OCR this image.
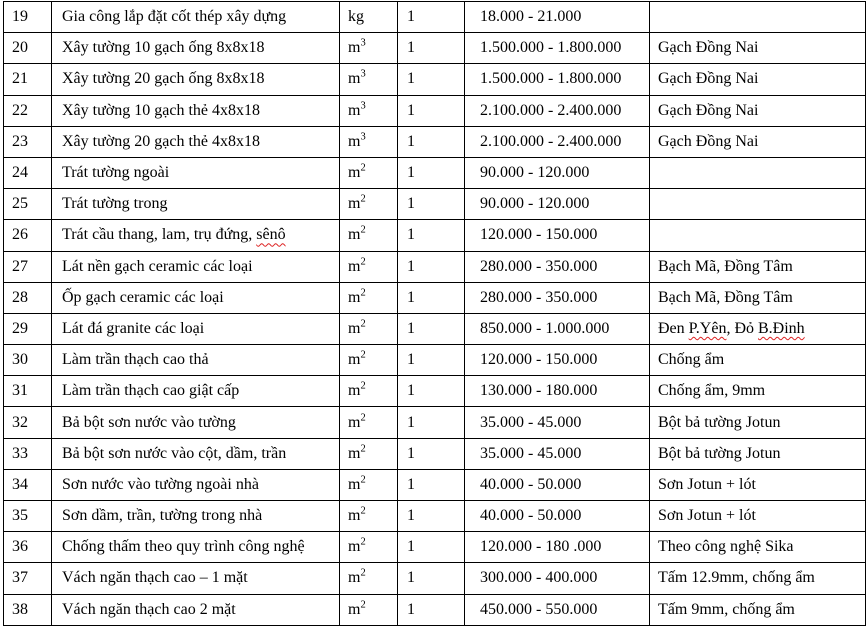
19	Gia công lắp đặt cốt thép xây dựng	kg	1	18.000 - 21.000	
20	Xây tường 10 gạch ống 8x8x18	$m^3$	1	1.500.000 - 1.800.000	Gạch Đồng Nai
21	Xây tường 20 gạch ống 8x8x18	$m^3$	1	1.500.000 - 1.800.000	Gạch Đồng Nai
22	Xây tường 10 gạch thẻ 4x8x18	$m^3$	1	2.100.000 - 2.400.000	Gạch Đồng Nai
23	Xây tường 20 gạch thẻ 4x8x18	$m^3$	1	2.100.000 - 2.400.000	Gạch Đồng Nai
24	Trát tường ngoài	$m^2$	1	90.000 - 120.000	
25	Trát tường trong	$m^2$	1	90.000 - 120.000	
26	Trát cầu thang, lam, trụ đứng, sênô	$m^2$	1	120.000 - 150.000	
27	Lát nền gạch ceramic các loại	$m^2$	1	280.000 - 350.000	Bạch Mã, Đồng Tâm
28	Ốp gạch ceramic các loại	$m^2$	1	280.000 - 350.000	Bạch Mã, Đồng Tâm
29	Lát đá granite các loại	$m^2$	1	850.000 - 1.000.000	Đen P.Yên, Đỏ B.Đinh
30	Làm trần thạch cao thả	$m^2$	1	120.000 - 150.000	Chống ẩm
31	Làm trần thạch cao giật cấp	$m^2$	1	130.000 - 180.000	Chống ẩm, 9mm
32	Bả bột sơn nước vào tường	$m^2$	1	35.000 - 45.000	Bột bả tường Jotun
33	Bả bột sơn nước vào cột, dầm, trần	$m^2$	1	35.000 - 45.000	Bột bả tường Jotun
34	Sơn nước vào tường ngoài nhà	$m^2$	1	40.000 - 50.000	Sơn Jotun + lót
35	Sơn dầm, trần, tường trong nhà	$m^2$	1	40.000 - 50.000	Sơn Jotun + lót
36	Chống thấm theo quy trình công nghệ	$m^2$	1	120.000 - 180 .000	Theo công nghệ Sika
37	Vách ngăn thạch cao – 1 mặt	$m^2$	1	300.000 - 400.000	Tấm 12.9mm, chống ẩm
38	Vách ngăn thạch cao 2 mặt	$m^2$	1	450.000 - 550.000	Tấm 9mm, chống ẩm
